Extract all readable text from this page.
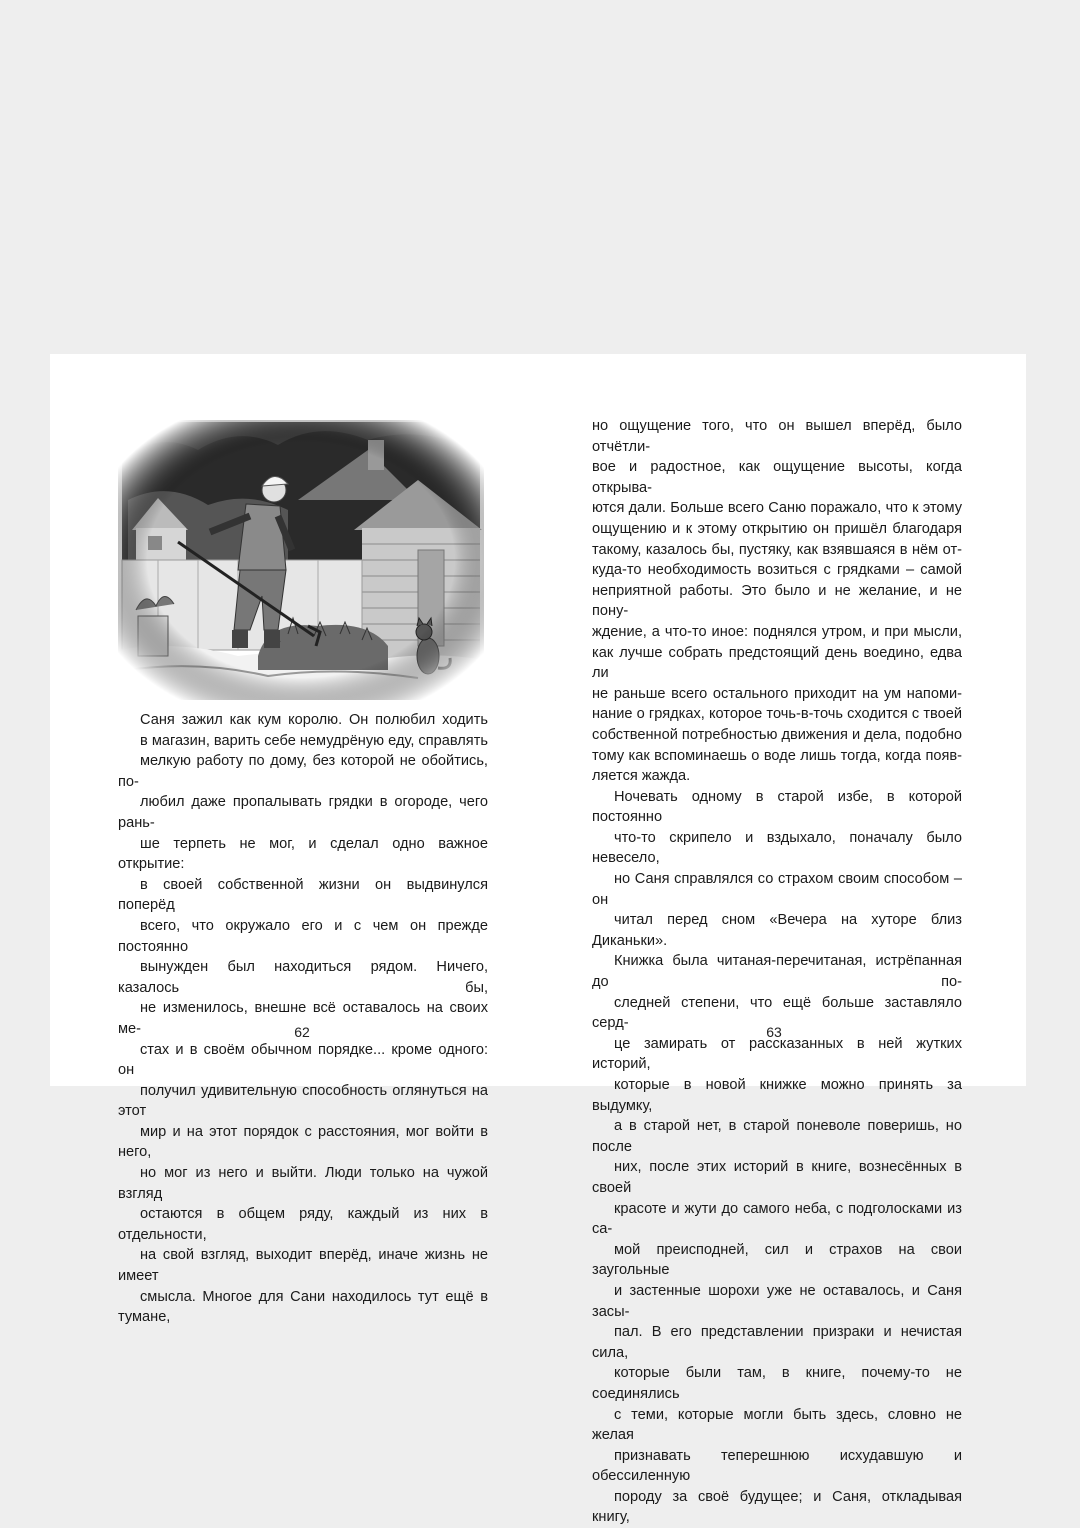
Саня зажил как кум королю. Он полюбил ходить
в магазин, варить себе немудрёную еду, справлять
мелкую работу по дому, без которой не обойтись, по-
любил даже пропалывать грядки в огороде, чего рань-
ше терпеть не мог, и сделал одно важное открытие:
в своей собственной жизни он выдвинулся поперёд
всего, что окружало его и с чем он прежде постоянно
вынужден был находиться рядом. Ничего, казалось бы,
не изменилось, внешне всё оставалось на своих ме-
стах и в своём обычном порядке... кроме одного: он
получил удивительную способность оглянуться на этот
мир и на этот порядок с расстояния, мог войти в него,
но мог из него и выйти. Люди только на чужой взгляд
остаются в общем ряду, каждый из них в отдельности,
на свой взгляд, выходит вперёд, иначе жизнь не имеет
смысла. Многое для Сани находилось тут ещё в тумане,

62

но ощущение того, что он вышел вперёд, было отчётли-
вое и радостное, как ощущение высоты, когда открыва-
ются дали. Больше всего Саню поражало, что к этому
ощущению и к этому открытию он пришёл благодаря
такому, казалось бы, пустяку, как взявшаяся в нём от-
куда-то необходимость возиться с грядками – самой
неприятной работы. Это было и не желание, и не пону-
ждение, а что-то иное: поднялся утром, и при мысли,
как лучше собрать предстоящий день воедино, едва ли
не раньше всего остального приходит на ум напоми-
нание о грядках, которое точь-в-точь сходится с твоей
собственной потребностью движения и дела, подобно
тому как вспоминаешь о воде лишь тогда, когда появ-
ляется жажда.

Ночевать одному в старой избе, в которой постоянно
что-то скрипело и вздыхало, поначалу было невесело,
но Саня справлялся со страхом своим способом – он
читал перед сном «Вечера на хуторе близ Диканьки».
Книжка была читаная-перечитаная, истрёпанная до по-
следней степени, что ещё больше заставляло серд-
це замирать от рассказанных в ней жутких историй,
которые в новой книжке можно принять за выдумку,
а в старой нет, в старой поневоле поверишь, но после
них, после этих историй в книге, вознесённых в своей
красоте и жути до самого неба, с подголосками из са-
мой преисподней, сил и страхов на свои заугольные
и застенные шорохи уже не оставалось, и Саня засы-
пал. В его представлении призраки и нечистая сила,
которые были там, в книге, почему-то не соединялись
с теми, которые могли быть здесь, словно не желая
признавать теперешнюю исхудавшую и обессиленную
породу за своё будущее; и Саня, откладывая книгу,

63
